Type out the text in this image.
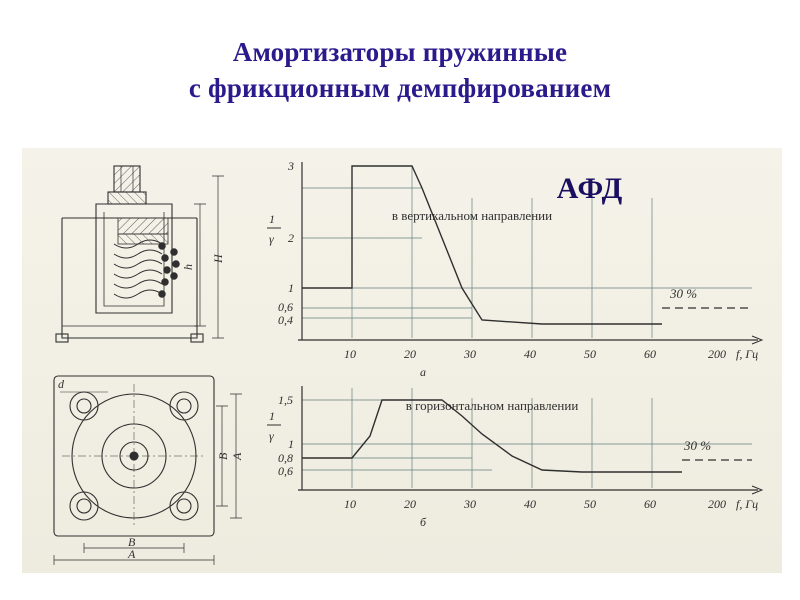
Амортизаторы пружинные
с фрикционным демпфированием
H
h
d
A
B
B
A
3
2
1
0,6
0,4
10	20	30	40	50	60	200
1
γ
f, Гц
а
в вертикальном направлении
30 %
1,5
1
0,8
0,6
10	20	30	40	50	60	200
1
γ
f, Гц
б
в горизонтальном направлении
30 %
АФД
